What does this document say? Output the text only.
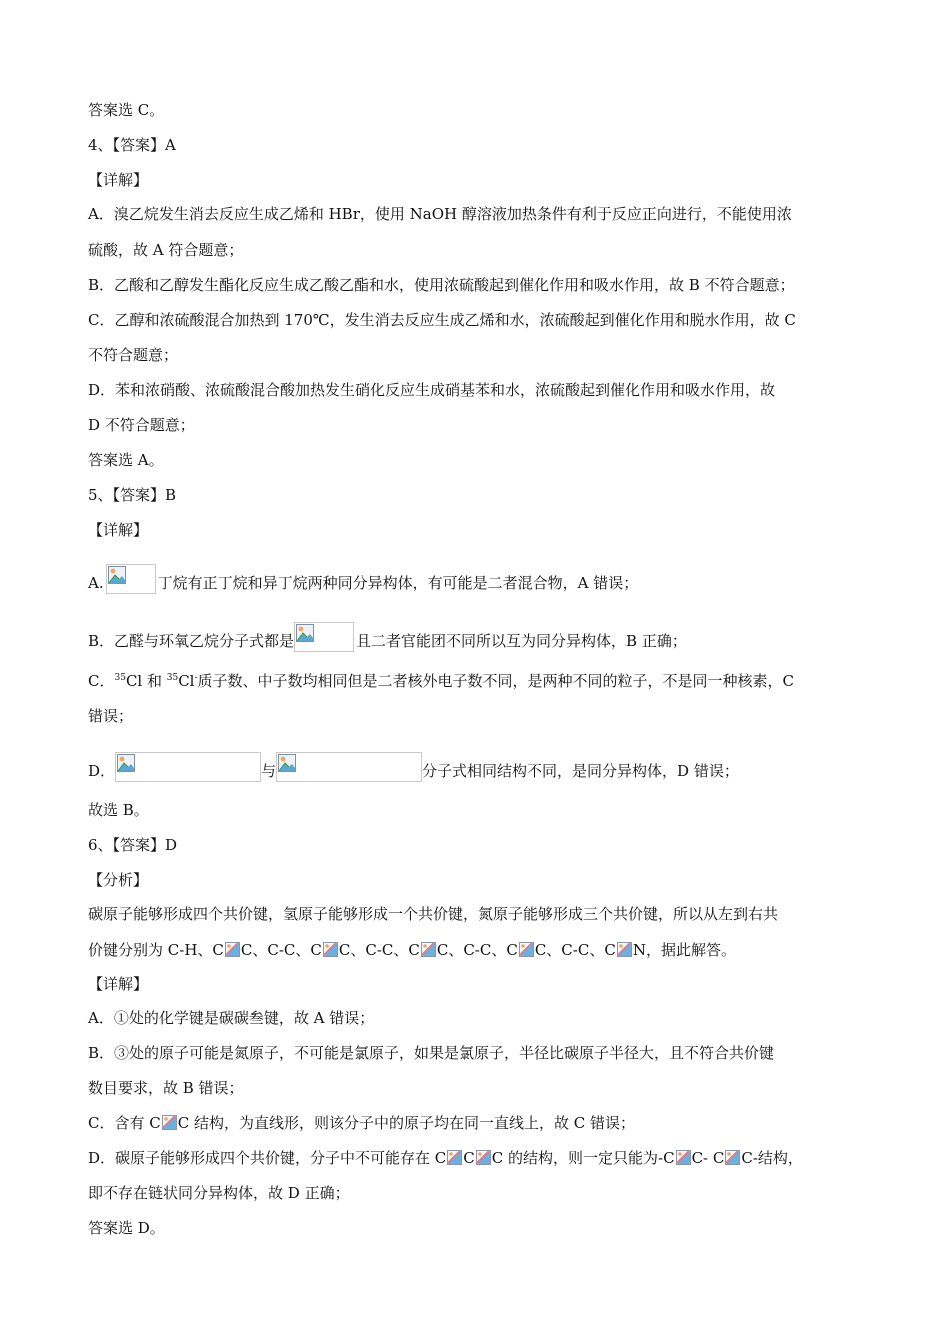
答案选 C。
4、【答案】A
【详解】
A．溴乙烷发生消去反应生成乙烯和 HBr，使用 NaOH 醇溶液加热条件有利于反应正向进行，不能使用浓
硫酸，故 A 符合题意；
B．乙酸和乙醇发生酯化反应生成乙酸乙酯和水，使用浓硫酸起到催化作用和吸水作用，故 B 不符合题意；
C．乙醇和浓硫酸混合加热到 170℃，发生消去反应生成乙烯和水，浓硫酸起到催化作用和脱水作用，故 C
不符合题意；
D．苯和浓硝酸、浓硫酸混合酸加热发生硝化反应生成硝基苯和水，浓硫酸起到催化作用和吸水作用，故
D 不符合题意；
答案选 A。
5、【答案】B
【详解】
A.	丁烷有正丁烷和异丁烷两种同分异构体，有可能是二者混合物，A 错误；
B．乙醛与环氧乙烷分子式都是	且二者官能团不同所以互为同分异构体，B 正确；
C．$^{35}$Cl 和 $^{35}$Cl-质子数、中子数均相同但是二者核外电子数不同，是两种不同的粒子，不是同一种核素，C
错误；
D．	与	分子式相同结构不同，是同分异构体，D 错误；
故选 B。
6、【答案】D
【分析】
碳原子能够形成四个共价键，氢原子能够形成一个共价键，氮原子能够形成三个共价键，所以从左到右共
价键分别为 C-H、C C、C-C、C C、C-C、C C、C-C、C C、C-C、C N，据此解答。
【详解】
A．①处的化学键是碳碳叁键，故 A 错误；
B．③处的原子可能是氮原子，不可能是氯原子，如果是氯原子，半径比碳原子半径大，且不符合共价键
数目要求，故 B 错误；
C．含有 C C 结构，为直线形，则该分子中的原子均在同一直线上，故 C 错误；
D．碳原子能够形成四个共价键，分子中不可能存在 C C C 的结构，则一定只能为-C C- C C-结构，
即不存在链状同分异构体，故 D 正确；
答案选 D。
